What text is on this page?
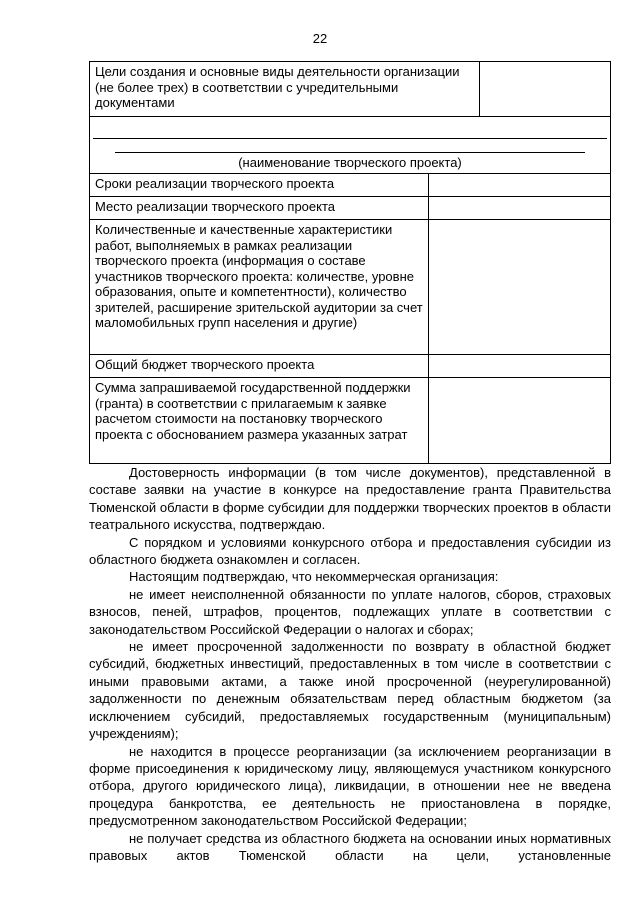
22
Цели создания и основные виды деятельности организации (не более трех) в соответствии с учредительными документами
(наименование творческого проекта)
Сроки реализации творческого проекта
Место реализации творческого проекта
Количественные и качественные характеристики работ, выполняемых в рамках реализации творческого проекта (информация о составе участников творческого проекта: количестве, уровне образования, опыте и компетентности), количество зрителей, расширение зрительской аудитории за счет маломобильных групп населения и другие)
Общий бюджет творческого проекта
Сумма запрашиваемой государственной поддержки (гранта) в соответствии с прилагаемым к заявке расчетом стоимости на постановку творческого проекта с обоснованием размера указанных затрат

Достоверность информации (в том числе документов), представленной в составе заявки на участие в конкурсе на предоставление гранта Правительства Тюменской области в форме субсидии для поддержки творческих проектов в области театрального искусства, подтверждаю.

С порядком и условиями конкурсного отбора и предоставления субсидии из областного бюджета ознакомлен и согласен.

Настоящим подтверждаю, что некоммерческая организация:

не имеет неисполненной обязанности по уплате налогов, сборов, страховых взносов, пеней, штрафов, процентов, подлежащих уплате в соответствии с законодательством Российской Федерации о налогах и сборах;

не имеет просроченной задолженности по возврату в областной бюджет субсидий, бюджетных инвестиций, предоставленных в том числе в соответствии с иными правовыми актами, а также иной просроченной (неурегулированной) задолженности по денежным обязательствам перед областным бюджетом (за исключением субсидий, предоставляемых государственным (муниципальным) учреждениям);

не находится в процессе реорганизации (за исключением реорганизации в форме присоединения к юридическому лицу, являющемуся участником конкурсного отбора, другого юридического лица), ликвидации, в отношении нее не введена процедура банкротства, ее деятельность не приостановлена в порядке, предусмотренном законодательством Российской Федерации;

не получает средства из областного бюджета на основании иных нормативных правовых актов Тюменской области на цели, установленные
